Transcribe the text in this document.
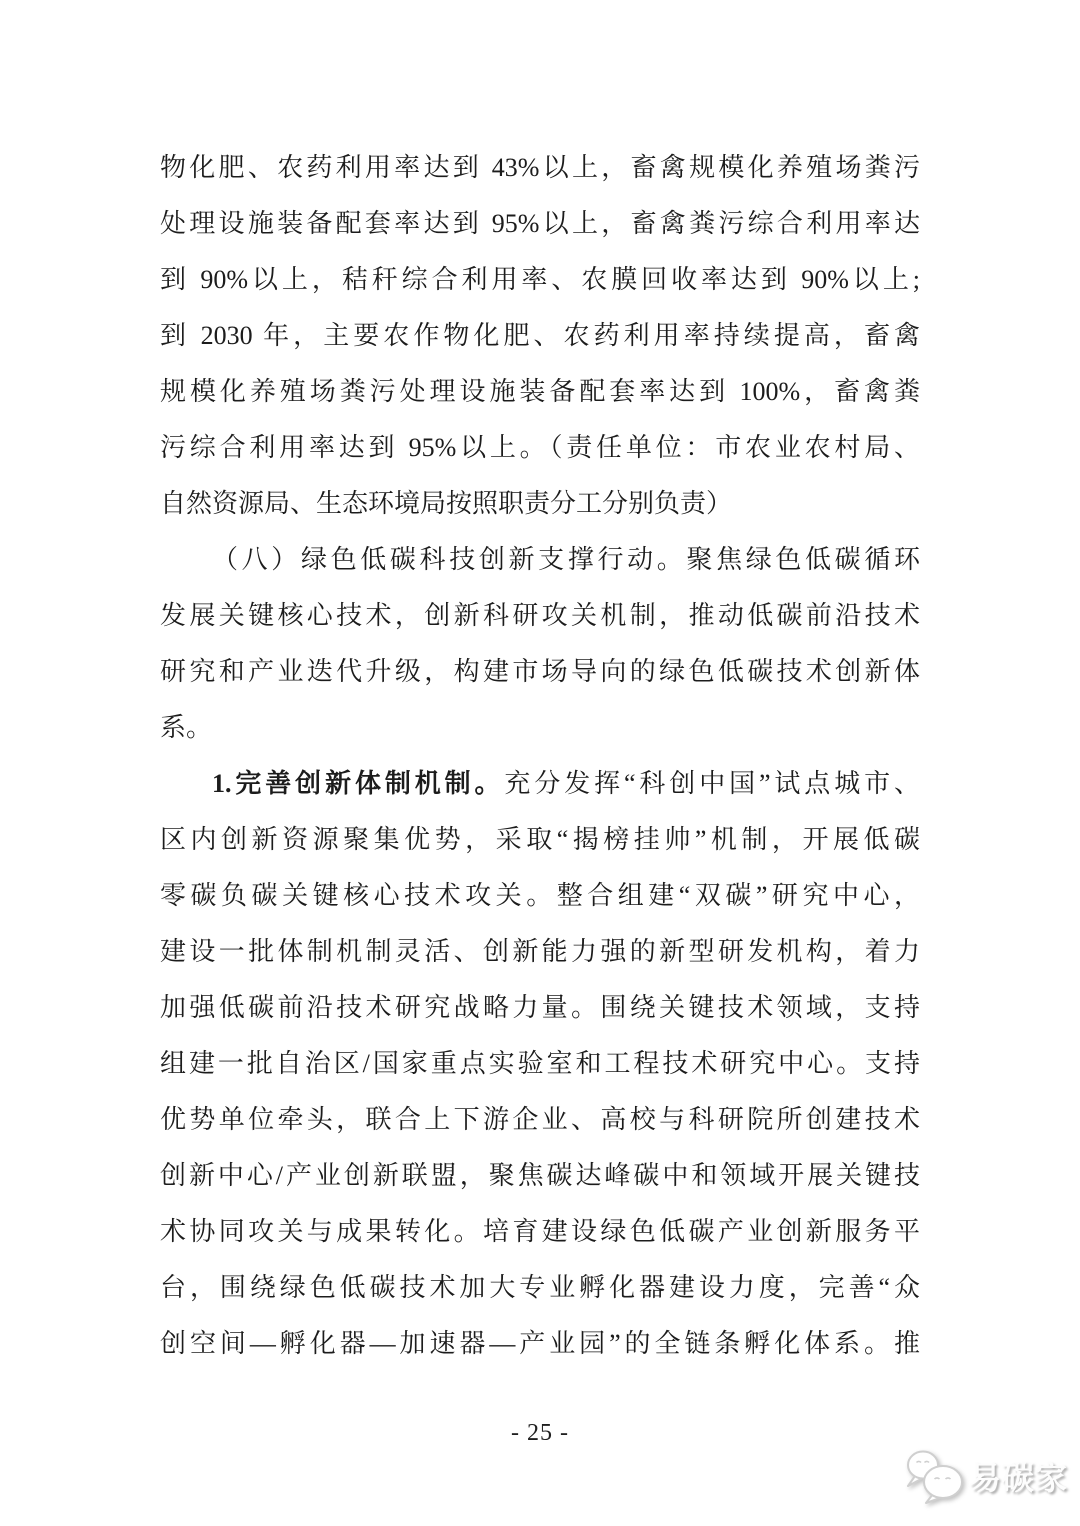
物化肥、农药利用率达到 43%以上，畜禽规模化养殖场粪污
处理设施装备配套率达到 95%以上，畜禽粪污综合利用率达
到 90%以上，秸秆综合利用率、农膜回收率达到 90%以上;
到 2030 年，主要农作物化肥、农药利用率持续提高，畜禽
规模化养殖场粪污处理设施装备配套率达到 100%，畜禽粪
污综合利用率达到 95%以上。（责任单位：市农业农村局、
自然资源局、生态环境局按照职责分工分别负责）
（八）绿色低碳科技创新支撑行动。聚焦绿色低碳循环
发展关键核心技术，创新科研攻关机制，推动低碳前沿技术
研究和产业迭代升级，构建市场导向的绿色低碳技术创新体
系。
1.完善创新体制机制。充分发挥“科创中国”试点城市、
区内创新资源聚集优势，采取“揭榜挂帅”机制，开展低碳
零碳负碳关键核心技术攻关。整合组建“双碳”研究中心，
建设一批体制机制灵活、创新能力强的新型研发机构，着力
加强低碳前沿技术研究战略力量。围绕关键技术领域，支持
组建一批自治区/国家重点实验室和工程技术研究中心。支持
优势单位牵头，联合上下游企业、高校与科研院所创建技术
创新中心/产业创新联盟，聚焦碳达峰碳中和领域开展关键技
术协同攻关与成果转化。培育建设绿色低碳产业创新服务平
台，围绕绿色低碳技术加大专业孵化器建设力度，完善“众
创空间—孵化器—加速器—产业园”的全链条孵化体系。推
- 25 -
易碳家
